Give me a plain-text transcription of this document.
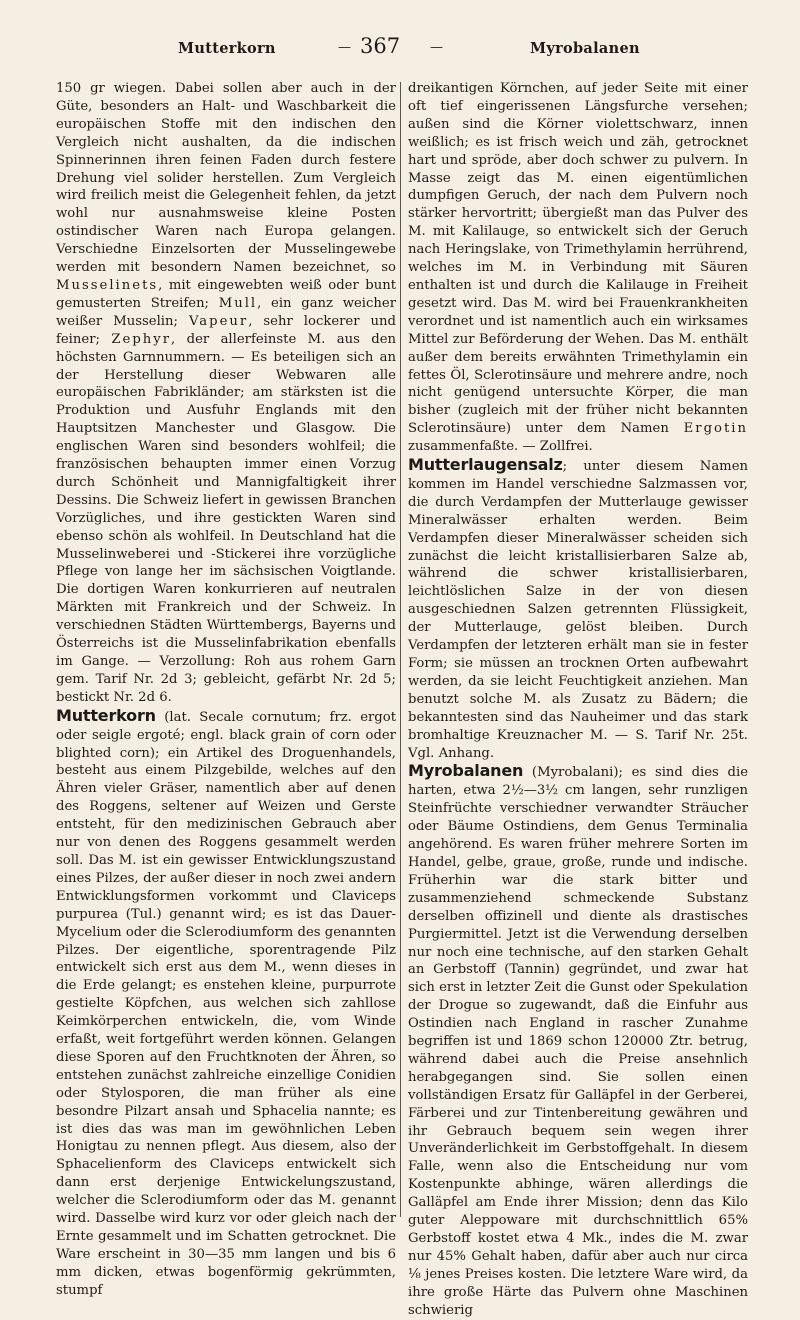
Mutterkorn	— 367 —	Myrobalanen

150 gr wiegen. Dabei sollen aber auch in der Güte, besonders an Halt- und Waschbarkeit die europäischen Stoffe mit den indischen den Vergleich nicht aushalten, da die indischen Spinnerinnen ihren feinen Faden durch festere Drehung viel solider herstellen. Zum Vergleich wird freilich meist die Gelegenheit fehlen, da jetzt wohl nur ausnahmsweise kleine Posten ostindischer Waren nach Europa gelangen. Verschiedne Einzelsorten der Musselingewebe werden mit besondern Namen bezeichnet, so Musselinets, mit eingewebten weiß oder bunt gemusterten Streifen; Mull, ein ganz weicher weißer Musselin; Vapeur, sehr lockerer und feiner; Zephyr, der allerfeinste M. aus den höchsten Garnnummern. — Es beteiligen sich an der Herstellung dieser Webwaren alle europäischen Fabrikländer; am stärksten ist die Produktion und Ausfuhr Englands mit den Hauptsitzen Manchester und Glasgow. Die englischen Waren sind besonders wohlfeil; die französischen behaupten immer einen Vorzug durch Schönheit und Mannigfaltigkeit ihrer Dessins. Die Schweiz liefert in gewissen Branchen Vorzügliches, und ihre gestickten Waren sind ebenso schön als wohlfeil. In Deutschland hat die Musselinweberei und -Stickerei ihre vorzügliche Pflege von lange her im sächsischen Voigtlande. Die dortigen Waren konkurrieren auf neutralen Märkten mit Frankreich und der Schweiz. In verschiednen Städten Württembergs, Bayerns und Österreichs ist die Musselinfabrikation ebenfalls im Gange. — Verzollung: Roh aus rohem Garn gem. Tarif Nr. 2d 3; gebleicht, gefärbt Nr. 2d 5; bestickt Nr. 2d 6.

Mutterkorn (lat. Secale cornutum; frz. ergot oder seigle ergoté; engl. black grain of corn oder blighted corn); ein Artikel des Droguenhandels, besteht aus einem Pilzgebilde, welches auf den Ähren vieler Gräser, namentlich aber auf denen des Roggens, seltener auf Weizen und Gerste entsteht, für den medizinischen Gebrauch aber nur von denen des Roggens gesammelt werden soll. Das M. ist ein gewisser Entwicklungszustand eines Pilzes, der außer dieser in noch zwei andern Entwicklungsformen vorkommt und Claviceps purpurea (Tul.) genannt wird; es ist das Dauer-Mycelium oder die Sclerodiumform des genannten Pilzes. Der eigentliche, sporentragende Pilz entwickelt sich erst aus dem M., wenn dieses in die Erde gelangt; es enstehen kleine, purpurrote gestielte Köpfchen, aus welchen sich zahllose Keimkörperchen entwickeln, die, vom Winde erfaßt, weit fortgeführt werden können. Gelangen diese Sporen auf den Fruchtknoten der Ähren, so entstehen zunächst zahlreiche einzellige Conidien oder Stylosporen, die man früher als eine besondre Pilzart ansah und Sphacelia nannte; es ist dies das was man im gewöhnlichen Leben Honigtau zu nennen pflegt. Aus diesem, also der Sphacelienform des Claviceps entwickelt sich dann erst derjenige Entwickelungszustand, welcher die Sclerodiumform oder das M. genannt wird. Dasselbe wird kurz vor oder gleich nach der Ernte gesammelt und im Schatten getrocknet. Die Ware erscheint in 30—35 mm langen und bis 6 mm dicken, etwas bogenförmig gekrümmten, stumpf

dreikantigen Körnchen, auf jeder Seite mit einer oft tief eingerissenen Längsfurche versehen; außen sind die Körner violettschwarz, innen weißlich; es ist frisch weich und zäh, getrocknet hart und spröde, aber doch schwer zu pulvern. In Masse zeigt das M. einen eigentümlichen dumpfigen Geruch, der nach dem Pulvern noch stärker hervortritt; übergießt man das Pulver des M. mit Kalilauge, so entwickelt sich der Geruch nach Heringslake, von Trimethylamin herrührend, welches im M. in Verbindung mit Säuren enthalten ist und durch die Kalilauge in Freiheit gesetzt wird. Das M. wird bei Frauenkrankheiten verordnet und ist namentlich auch ein wirksames Mittel zur Beförderung der Wehen. Das M. enthält außer dem bereits erwähnten Trimethylamin ein fettes Öl, Sclerotinsäure und mehrere andre, noch nicht genügend untersuchte Körper, die man bisher (zugleich mit der früher nicht bekannten Sclerotinsäure) unter dem Namen Ergotin zusammenfaßte. — Zollfrei.

Mutterlaugensalz; unter diesem Namen kommen im Handel verschiedne Salzmassen vor, die durch Verdampfen der Mutterlauge gewisser Mineralwässer erhalten werden. Beim Verdampfen dieser Mineralwässer scheiden sich zunächst die leicht kristallisierbaren Salze ab, während die schwer kristallisierbaren, leichtlöslichen Salze in der von diesen ausgeschiednen Salzen getrennten Flüssigkeit, der Mutterlauge, gelöst bleiben. Durch Verdampfen der letzteren erhält man sie in fester Form; sie müssen an trocknen Orten aufbewahrt werden, da sie leicht Feuchtigkeit anziehen. Man benutzt solche M. als Zusatz zu Bädern; die bekanntesten sind das Nauheimer und das stark bromhaltige Kreuznacher M. — S. Tarif Nr. 25t. Vgl. Anhang.

Myrobalanen (Myrobalani); es sind dies die harten, etwa 2½—3½ cm langen, sehr runzligen Steinfrüchte verschiedner verwandter Sträucher oder Bäume Ostindiens, dem Genus Terminalia angehörend. Es waren früher mehrere Sorten im Handel, gelbe, graue, große, runde und indische. Früherhin war die stark bitter und zusammenziehend schmeckende Substanz derselben offizinell und diente als drastisches Purgiermittel. Jetzt ist die Verwendung derselben nur noch eine technische, auf den starken Gehalt an Gerbstoff (Tannin) gegründet, und zwar hat sich erst in letzter Zeit die Gunst oder Spekulation der Drogue so zugewandt, daß die Einfuhr aus Ostindien nach England in rascher Zunahme begriffen ist und 1869 schon 120000 Ztr. betrug, während dabei auch die Preise ansehnlich herabgegangen sind. Sie sollen einen vollständigen Ersatz für Galläpfel in der Gerberei, Färberei und zur Tintenbereitung gewähren und ihr Gebrauch bequem sein wegen ihrer Unveränderlichkeit im Gerbstoffgehalt. In diesem Falle, wenn also die Entscheidung nur vom Kostenpunkte abhinge, wären allerdings die Galläpfel am Ende ihrer Mission; denn das Kilo guter Aleppoware mit durchschnittlich 65% Gerbstoff kostet etwa 4 Mk., indes die M. zwar nur 45% Gehalt haben, dafür aber auch nur circa ⅛ jenes Preises kosten. Die letztere Ware wird, da ihre große Härte das Pulvern ohne Maschinen schwierig
